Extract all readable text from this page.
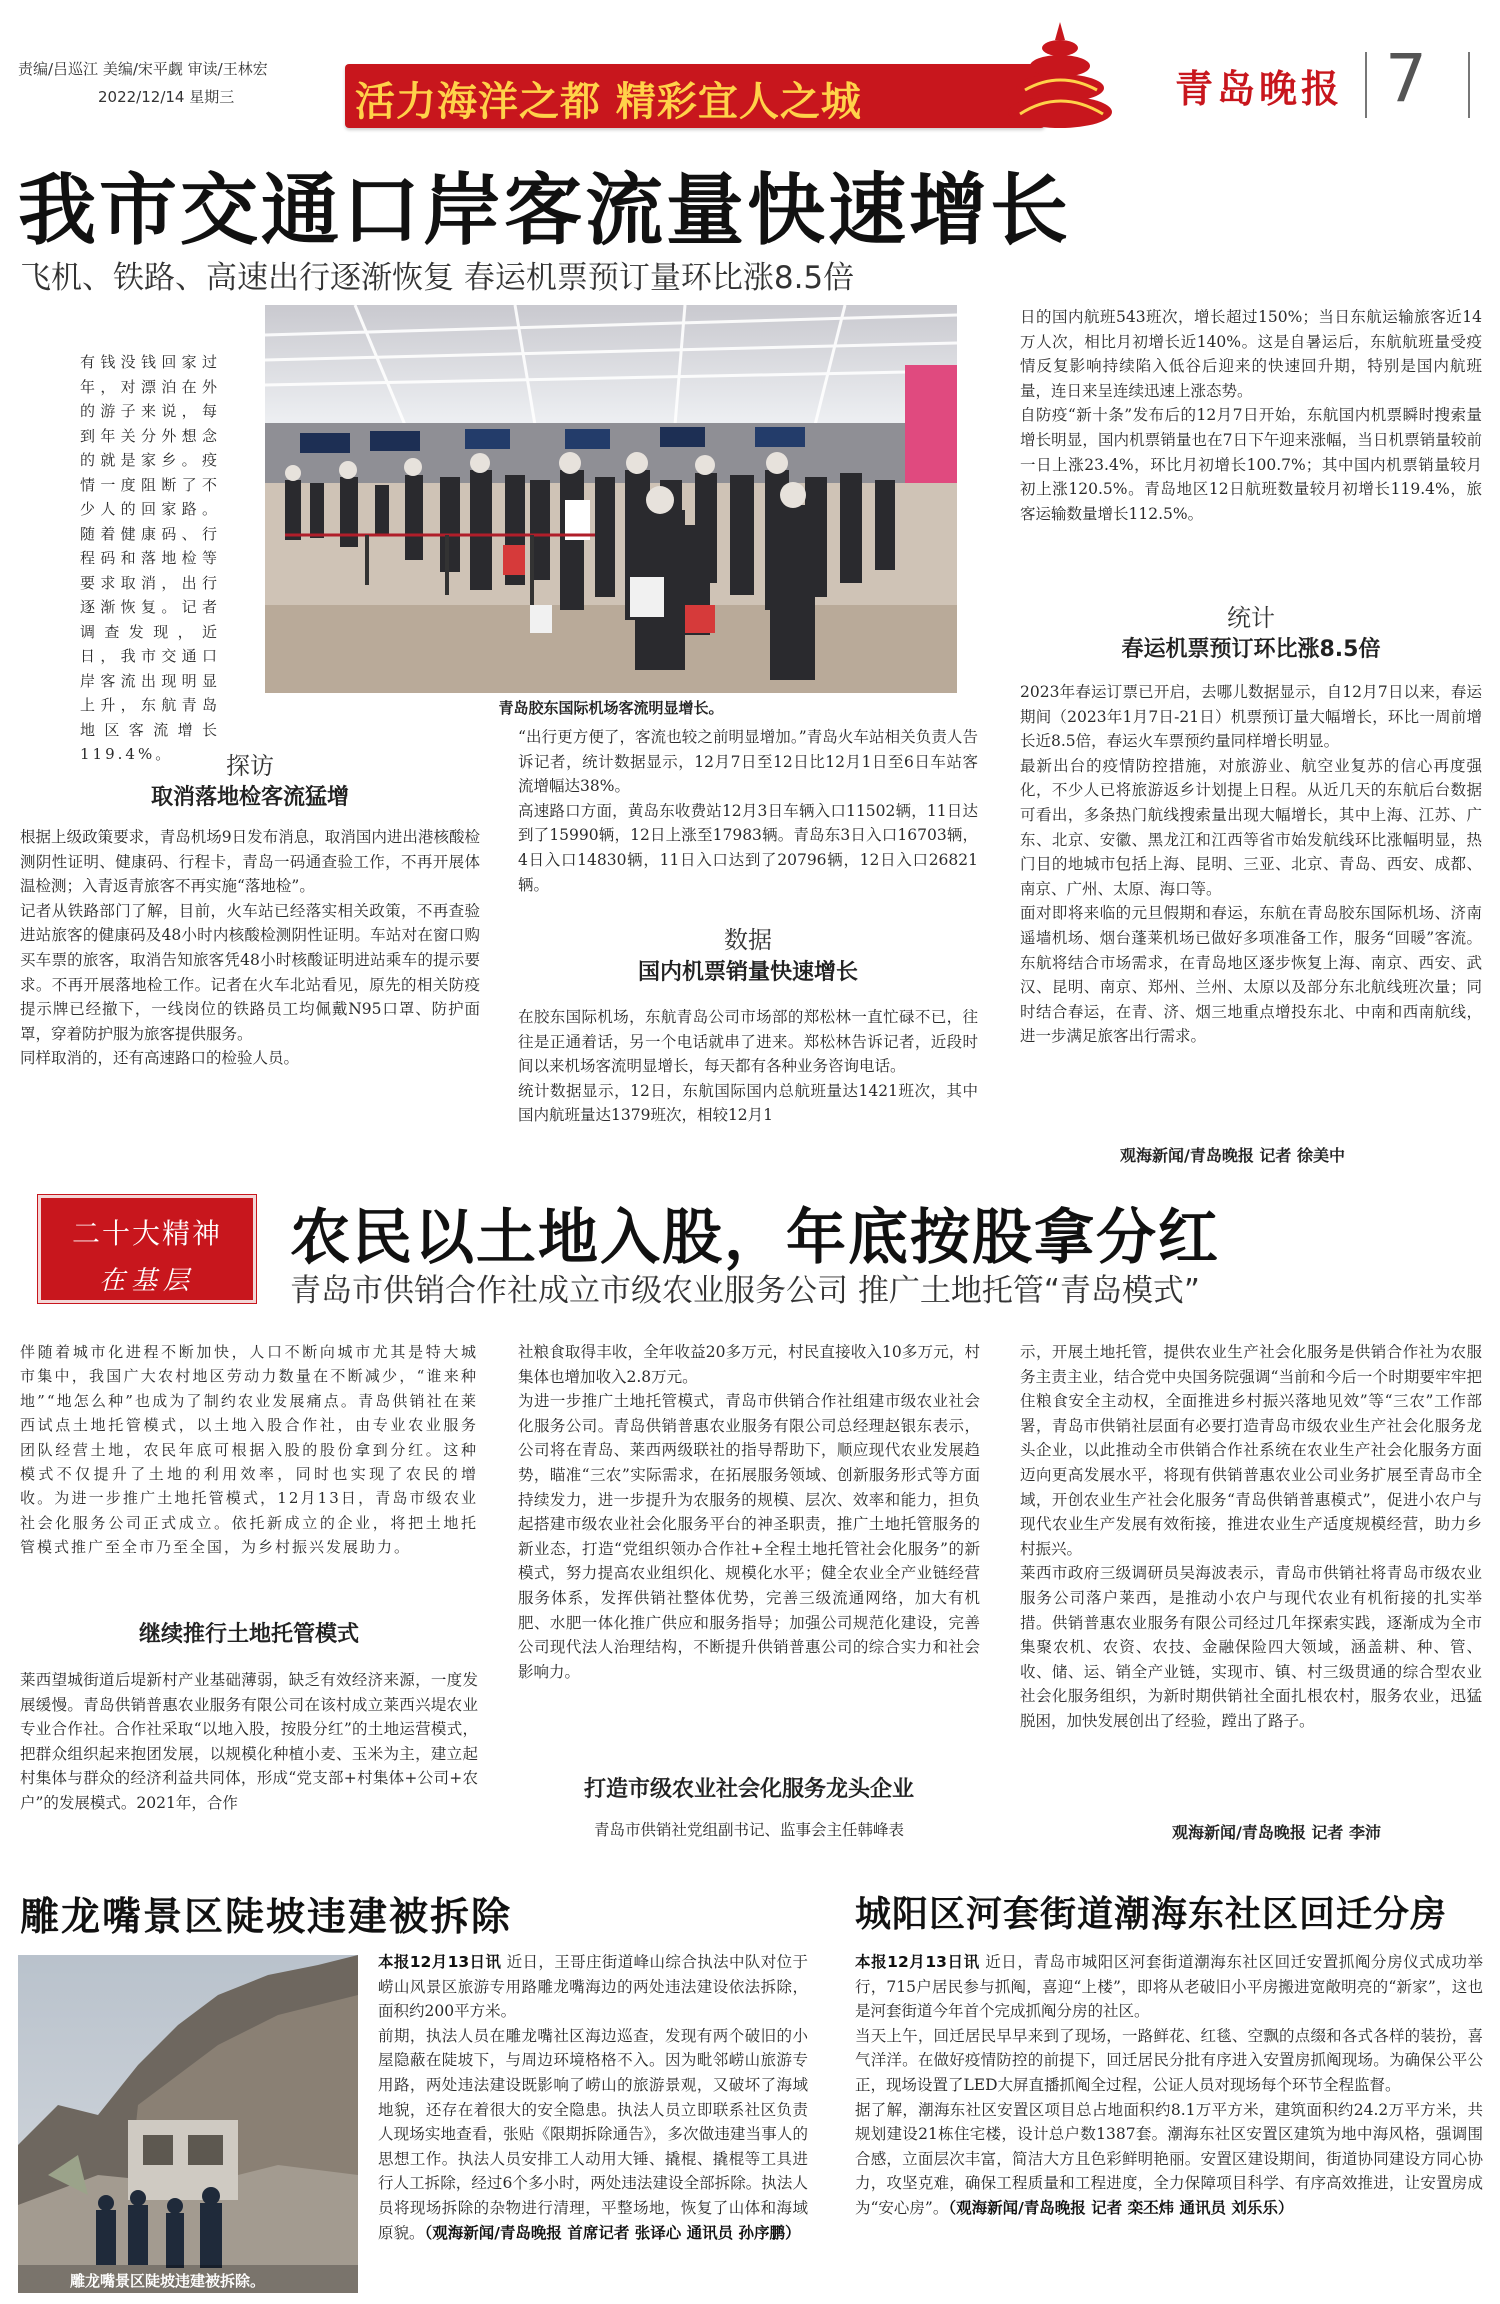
责编/吕巡江 美编/宋平觑 审读/王林宏
2022/12/14 星期三	活力海洋之都 精彩宜人之城	青岛晚报 7
我市交通口岸客流量快速增长
飞机、铁路、高速出行逐渐恢复 春运机票预订量环比涨8.5倍
有钱没钱回家过年，对漂泊在外的游子来说，每到年关分外想念的就是家乡。疫情一度阻断了不少人的回家路。随着健康码、行程码和落地检等要求取消，出行逐渐恢复。记者调查发现，近日，我市交通口岸客流出现明显上升，东航青岛地区客流增长119.4%。
青岛胶东国际机场客流明显增长。
探访
取消落地检客流猛增
根据上级政策要求，青岛机场9日发布消息，取消国内进出港核酸检测阴性证明、健康码、行程卡，青岛一码通查验工作，不再开展体温检测；入青返青旅客不再实施“落地检”。
记者从铁路部门了解，目前，火车站已经落实相关政策，不再查验进站旅客的健康码及48小时内核酸检测阴性证明。车站对在窗口购买车票的旅客，取消告知旅客凭48小时核酸证明进站乘车的提示要求。不再开展落地检工作。记者在火车北站看见，原先的相关防疫提示牌已经撤下，一线岗位的铁路员工均佩戴N95口罩、防护面罩，穿着防护服为旅客提供服务。
同样取消的，还有高速路口的检验人员。
“出行更方便了，客流也较之前明显增加。”青岛火车站相关负责人告诉记者，统计数据显示，12月7日至12日比12月1日至6日车站客流增幅达38%。
高速路口方面，黄岛东收费站12月3日车辆入口11502辆，11日达到了15990辆，12日上涨至17983辆。青岛东3日入口16703辆，4日入口14830辆，11日入口达到了20796辆，12日入口26821辆。
数据
国内机票销量快速增长
在胶东国际机场，东航青岛公司市场部的郑松林一直忙碌不已，往往是正通着话，另一个电话就串了进来。郑松林告诉记者，近段时间以来机场客流明显增长，每天都有各种业务咨询电话。
统计数据显示，12日，东航国际国内总航班量达1421班次，其中国内航班量达1379班次，相较12月1
日的国内航班543班次，增长超过150%；当日东航运输旅客近14万人次，相比月初增长近140%。这是自暑运后，东航航班量受疫情反复影响持续陷入低谷后迎来的快速回升期，特别是国内航班量，连日来呈连续迅速上涨态势。
自防疫“新十条”发布后的12月7日开始，东航国内机票瞬时搜索量增长明显，国内机票销量也在7日下午迎来涨幅，当日机票销量较前一日上涨23.4%，环比月初增长100.7%；其中国内机票销量较月初上涨120.5%。青岛地区12日航班数量较月初增长119.4%，旅客运输数量增长112.5%。
统计
春运机票预订环比涨8.5倍
2023年春运订票已开启，去哪儿数据显示，自12月7日以来，春运期间（2023年1月7日-21日）机票预订量大幅增长，环比一周前增长近8.5倍，春运火车票预约量同样增长明显。
最新出台的疫情防控措施，对旅游业、航空业复苏的信心再度强化，不少人已将旅游返乡计划提上日程。从近几天的东航后台数据可看出，多条热门航线搜索量出现大幅增长，其中上海、江苏、广东、北京、安徽、黑龙江和江西等省市始发航线环比涨幅明显，热门目的地城市包括上海、昆明、三亚、北京、青岛、西安、成都、南京、广州、太原、海口等。
面对即将来临的元旦假期和春运，东航在青岛胶东国际机场、济南遥墙机场、烟台蓬莱机场已做好多项准备工作，服务“回暖”客流。东航将结合市场需求，在青岛地区逐步恢复上海、南京、西安、武汉、昆明、南京、郑州、兰州、太原以及部分东北航线班次量；同时结合春运，在青、济、烟三地重点增投东北、中南和西南航线，进一步满足旅客出行需求。
观海新闻/青岛晚报 记者 徐美中
二十大精神
在基层
农民以土地入股，年底按股拿分红
青岛市供销合作社成立市级农业服务公司 推广土地托管“青岛模式”
伴随着城市化进程不断加快，人口不断向城市尤其是特大城市集中，我国广大农村地区劳动力数量在不断减少，“谁来种地”“地怎么种”也成为了制约农业发展痛点。青岛供销社在莱西试点土地托管模式，以土地入股合作社，由专业农业服务团队经营土地，农民年底可根据入股的股份拿到分红。这种模式不仅提升了土地的利用效率，同时也实现了农民的增收。为进一步推广土地托管模式，12月13日，青岛市级农业社会化服务公司正式成立。依托新成立的企业，将把土地托管模式推广至全市乃至全国，为乡村振兴发展助力。
继续推行土地托管模式
莱西望城街道后堤新村产业基础薄弱，缺乏有效经济来源，一度发展缓慢。青岛供销普惠农业服务有限公司在该村成立莱西兴堤农业专业合作社。合作社采取“以地入股，按股分红”的土地运营模式，把群众组织起来抱团发展，以规模化种植小麦、玉米为主，建立起村集体与群众的经济利益共同体，形成“党支部+村集体+公司+农户”的发展模式。2021年，合作
社粮食取得丰收，全年收益20多万元，村民直接收入10多万元，村集体也增加收入2.8万元。
为进一步推广土地托管模式，青岛市供销合作社组建市级农业社会化服务公司。青岛供销普惠农业服务有限公司总经理赵银东表示，公司将在青岛、莱西两级联社的指导帮助下，顺应现代农业发展趋势，瞄准“三农”实际需求，在拓展服务领域、创新服务形式等方面持续发力，进一步提升为农服务的规模、层次、效率和能力，担负起搭建市级农业社会化服务平台的神圣职责，推广土地托管服务的新业态，打造“党组织领办合作社+全程土地托管社会化服务”的新模式，努力提高农业组织化、规模化水平；健全农业全产业链经营服务体系，发挥供销社整体优势，完善三级流通网络，加大有机肥、水肥一体化推广供应和服务指导；加强公司规范化建设，完善公司现代法人治理结构，不断提升供销普惠公司的综合实力和社会影响力。
打造市级农业社会化服务龙头企业
青岛市供销社党组副书记、监事会主任韩峰表
示，开展土地托管，提供农业生产社会化服务是供销合作社为农服务主责主业，结合党中央国务院强调“当前和今后一个时期要牢牢把住粮食安全主动权，全面推进乡村振兴落地见效”等“三农”工作部署，青岛市供销社层面有必要打造青岛市级农业生产社会化服务龙头企业，以此推动全市供销合作社系统在农业生产社会化服务方面迈向更高发展水平，将现有供销普惠农业公司业务扩展至青岛市全域，开创农业生产社会化服务“青岛供销普惠模式”，促进小农户与现代农业生产发展有效衔接，推进农业生产适度规模经营，助力乡村振兴。
莱西市政府三级调研员吴海波表示，青岛市供销社将青岛市级农业服务公司落户莱西，是推动小农户与现代农业有机衔接的扎实举措。供销普惠农业服务有限公司经过几年探索实践，逐渐成为全市集聚农机、农资、农技、金融保险四大领域，涵盖耕、种、管、收、储、运、销全产业链，实现市、镇、村三级贯通的综合型农业社会化服务组织，为新时期供销社全面扎根农村，服务农业，迅猛脱困，加快发展创出了经验，蹚出了路子。
观海新闻/青岛晚报 记者 李沛
雕龙嘴景区陡坡违建被拆除
雕龙嘴景区陡坡违建被拆除。
本报12月13日讯 近日，王哥庄街道峰山综合执法中队对位于崂山风景区旅游专用路雕龙嘴海边的两处违法建设依法拆除，面积约200平方米。
前期，执法人员在雕龙嘴社区海边巡查，发现有两个破旧的小屋隐蔽在陡坡下，与周边环境格格不入。因为毗邻崂山旅游专用路，两处违法建设既影响了崂山的旅游景观，又破坏了海域地貌，还存在着很大的安全隐患。执法人员立即联系社区负责人现场实地查看，张贴《限期拆除通告》，多次做违建当事人的思想工作。执法人员安排工人动用大锤、撬棍、撬棍等工具进行人工拆除，经过6个多小时，两处违法建设全部拆除。执法人员将现场拆除的杂物进行清理，平整场地，恢复了山体和海域原貌。（观海新闻/青岛晚报 首席记者 张译心 通讯员 孙序鹏）
城阳区河套街道潮海东社区回迁分房
本报12月13日讯 近日，青岛市城阳区河套街道潮海东社区回迁安置抓阄分房仪式成功举行，715户居民参与抓阄，喜迎“上楼”，即将从老破旧小平房搬进宽敞明亮的“新家”，这也是河套街道今年首个完成抓阄分房的社区。
当天上午，回迁居民早早来到了现场，一路鲜花、红毯、空飘的点缀和各式各样的装扮，喜气洋洋。在做好疫情防控的前提下，回迁居民分批有序进入安置房抓阄现场。为确保公平公正，现场设置了LED大屏直播抓阄全过程，公证人员对现场每个环节全程监督。
据了解，潮海东社区安置区项目总占地面积约8.1万平方米，建筑面积约24.2万平方米，共规划建设21栋住宅楼，设计总户数1387套。潮海东社区安置区建筑为地中海风格，强调围合感，立面层次丰富，简洁大方且色彩鲜明艳丽。安置区建设期间，街道协同建设方同心协力，攻坚克难，确保工程质量和工程进度，全力保障项目科学、有序高效推进，让安置房成为“安心房”。（观海新闻/青岛晚报 记者 栾丕炜 通讯员 刘乐乐）
